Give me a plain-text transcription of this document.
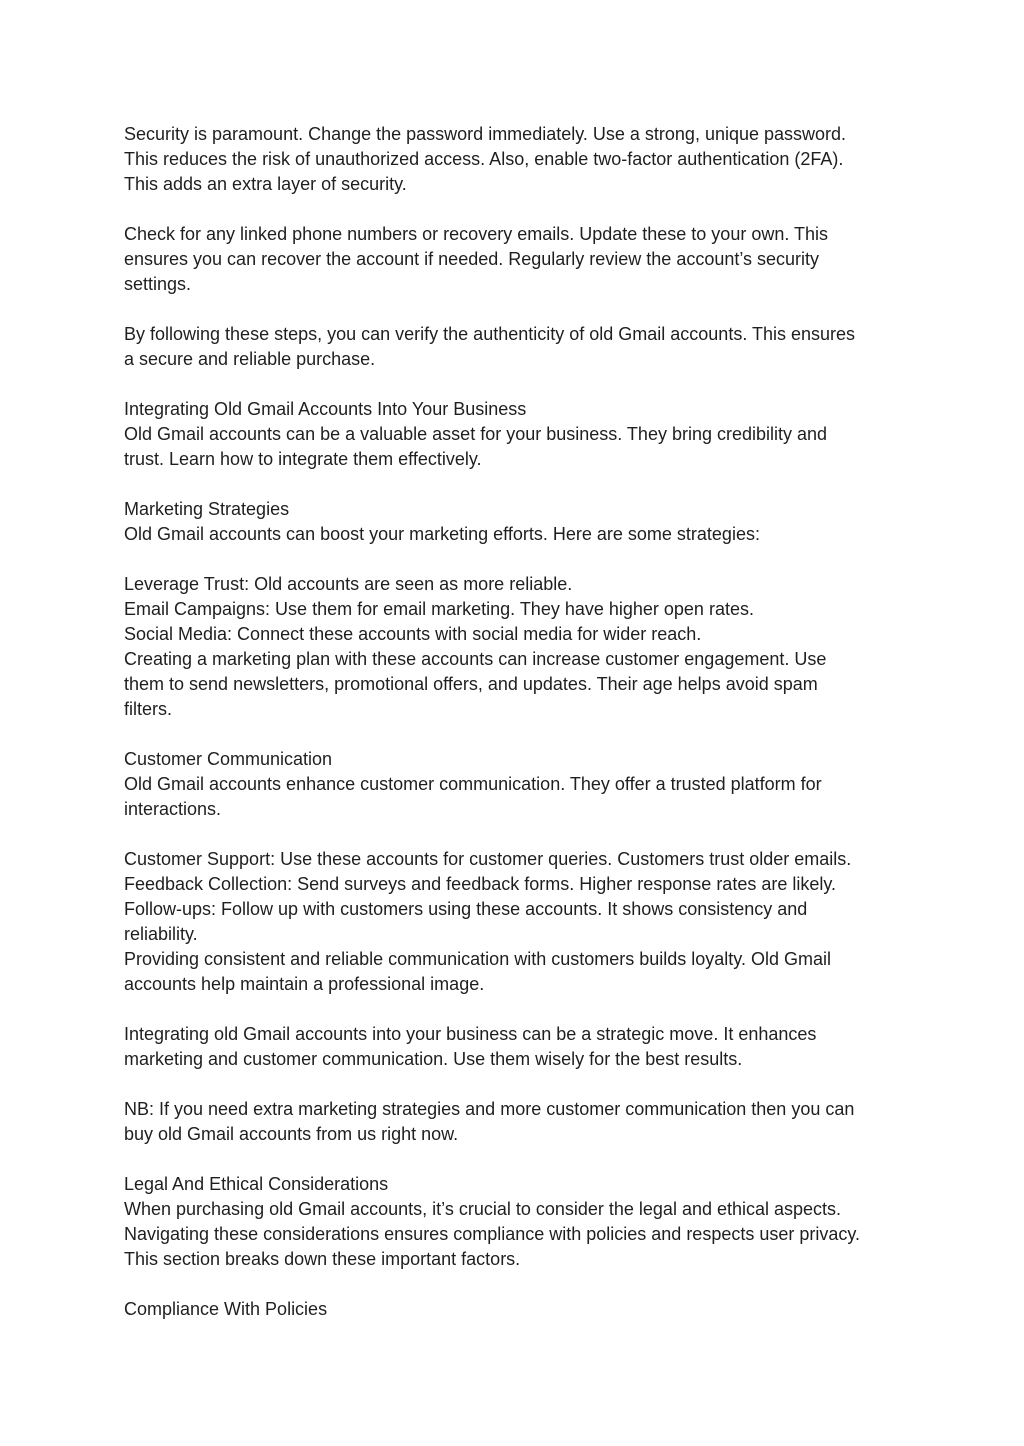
Security is paramount. Change the password immediately. Use a strong, unique password.
This reduces the risk of unauthorized access. Also, enable two-factor authentication (2FA).
This adds an extra layer of security.
Check for any linked phone numbers or recovery emails. Update these to your own. This
ensures you can recover the account if needed. Regularly review the account’s security
settings.
By following these steps, you can verify the authenticity of old Gmail accounts. This ensures
a secure and reliable purchase.
Integrating Old Gmail Accounts Into Your Business
Old Gmail accounts can be a valuable asset for your business. They bring credibility and
trust. Learn how to integrate them effectively.
Marketing Strategies
Old Gmail accounts can boost your marketing efforts. Here are some strategies:
Leverage Trust: Old accounts are seen as more reliable.
Email Campaigns: Use them for email marketing. They have higher open rates.
Social Media: Connect these accounts with social media for wider reach.
Creating a marketing plan with these accounts can increase customer engagement. Use
them to send newsletters, promotional offers, and updates. Their age helps avoid spam
filters.
Customer Communication
Old Gmail accounts enhance customer communication. They offer a trusted platform for
interactions.
Customer Support: Use these accounts for customer queries. Customers trust older emails.
Feedback Collection: Send surveys and feedback forms. Higher response rates are likely.
Follow-ups: Follow up with customers using these accounts. It shows consistency and
reliability.
Providing consistent and reliable communication with customers builds loyalty. Old Gmail
accounts help maintain a professional image.
Integrating old Gmail accounts into your business can be a strategic move. It enhances
marketing and customer communication. Use them wisely for the best results.
NB: If you need extra marketing strategies and more customer communication then you can
buy old Gmail accounts from us right now.
Legal And Ethical Considerations
When purchasing old Gmail accounts, it’s crucial to consider the legal and ethical aspects.
Navigating these considerations ensures compliance with policies and respects user privacy.
This section breaks down these important factors.
Compliance With Policies
